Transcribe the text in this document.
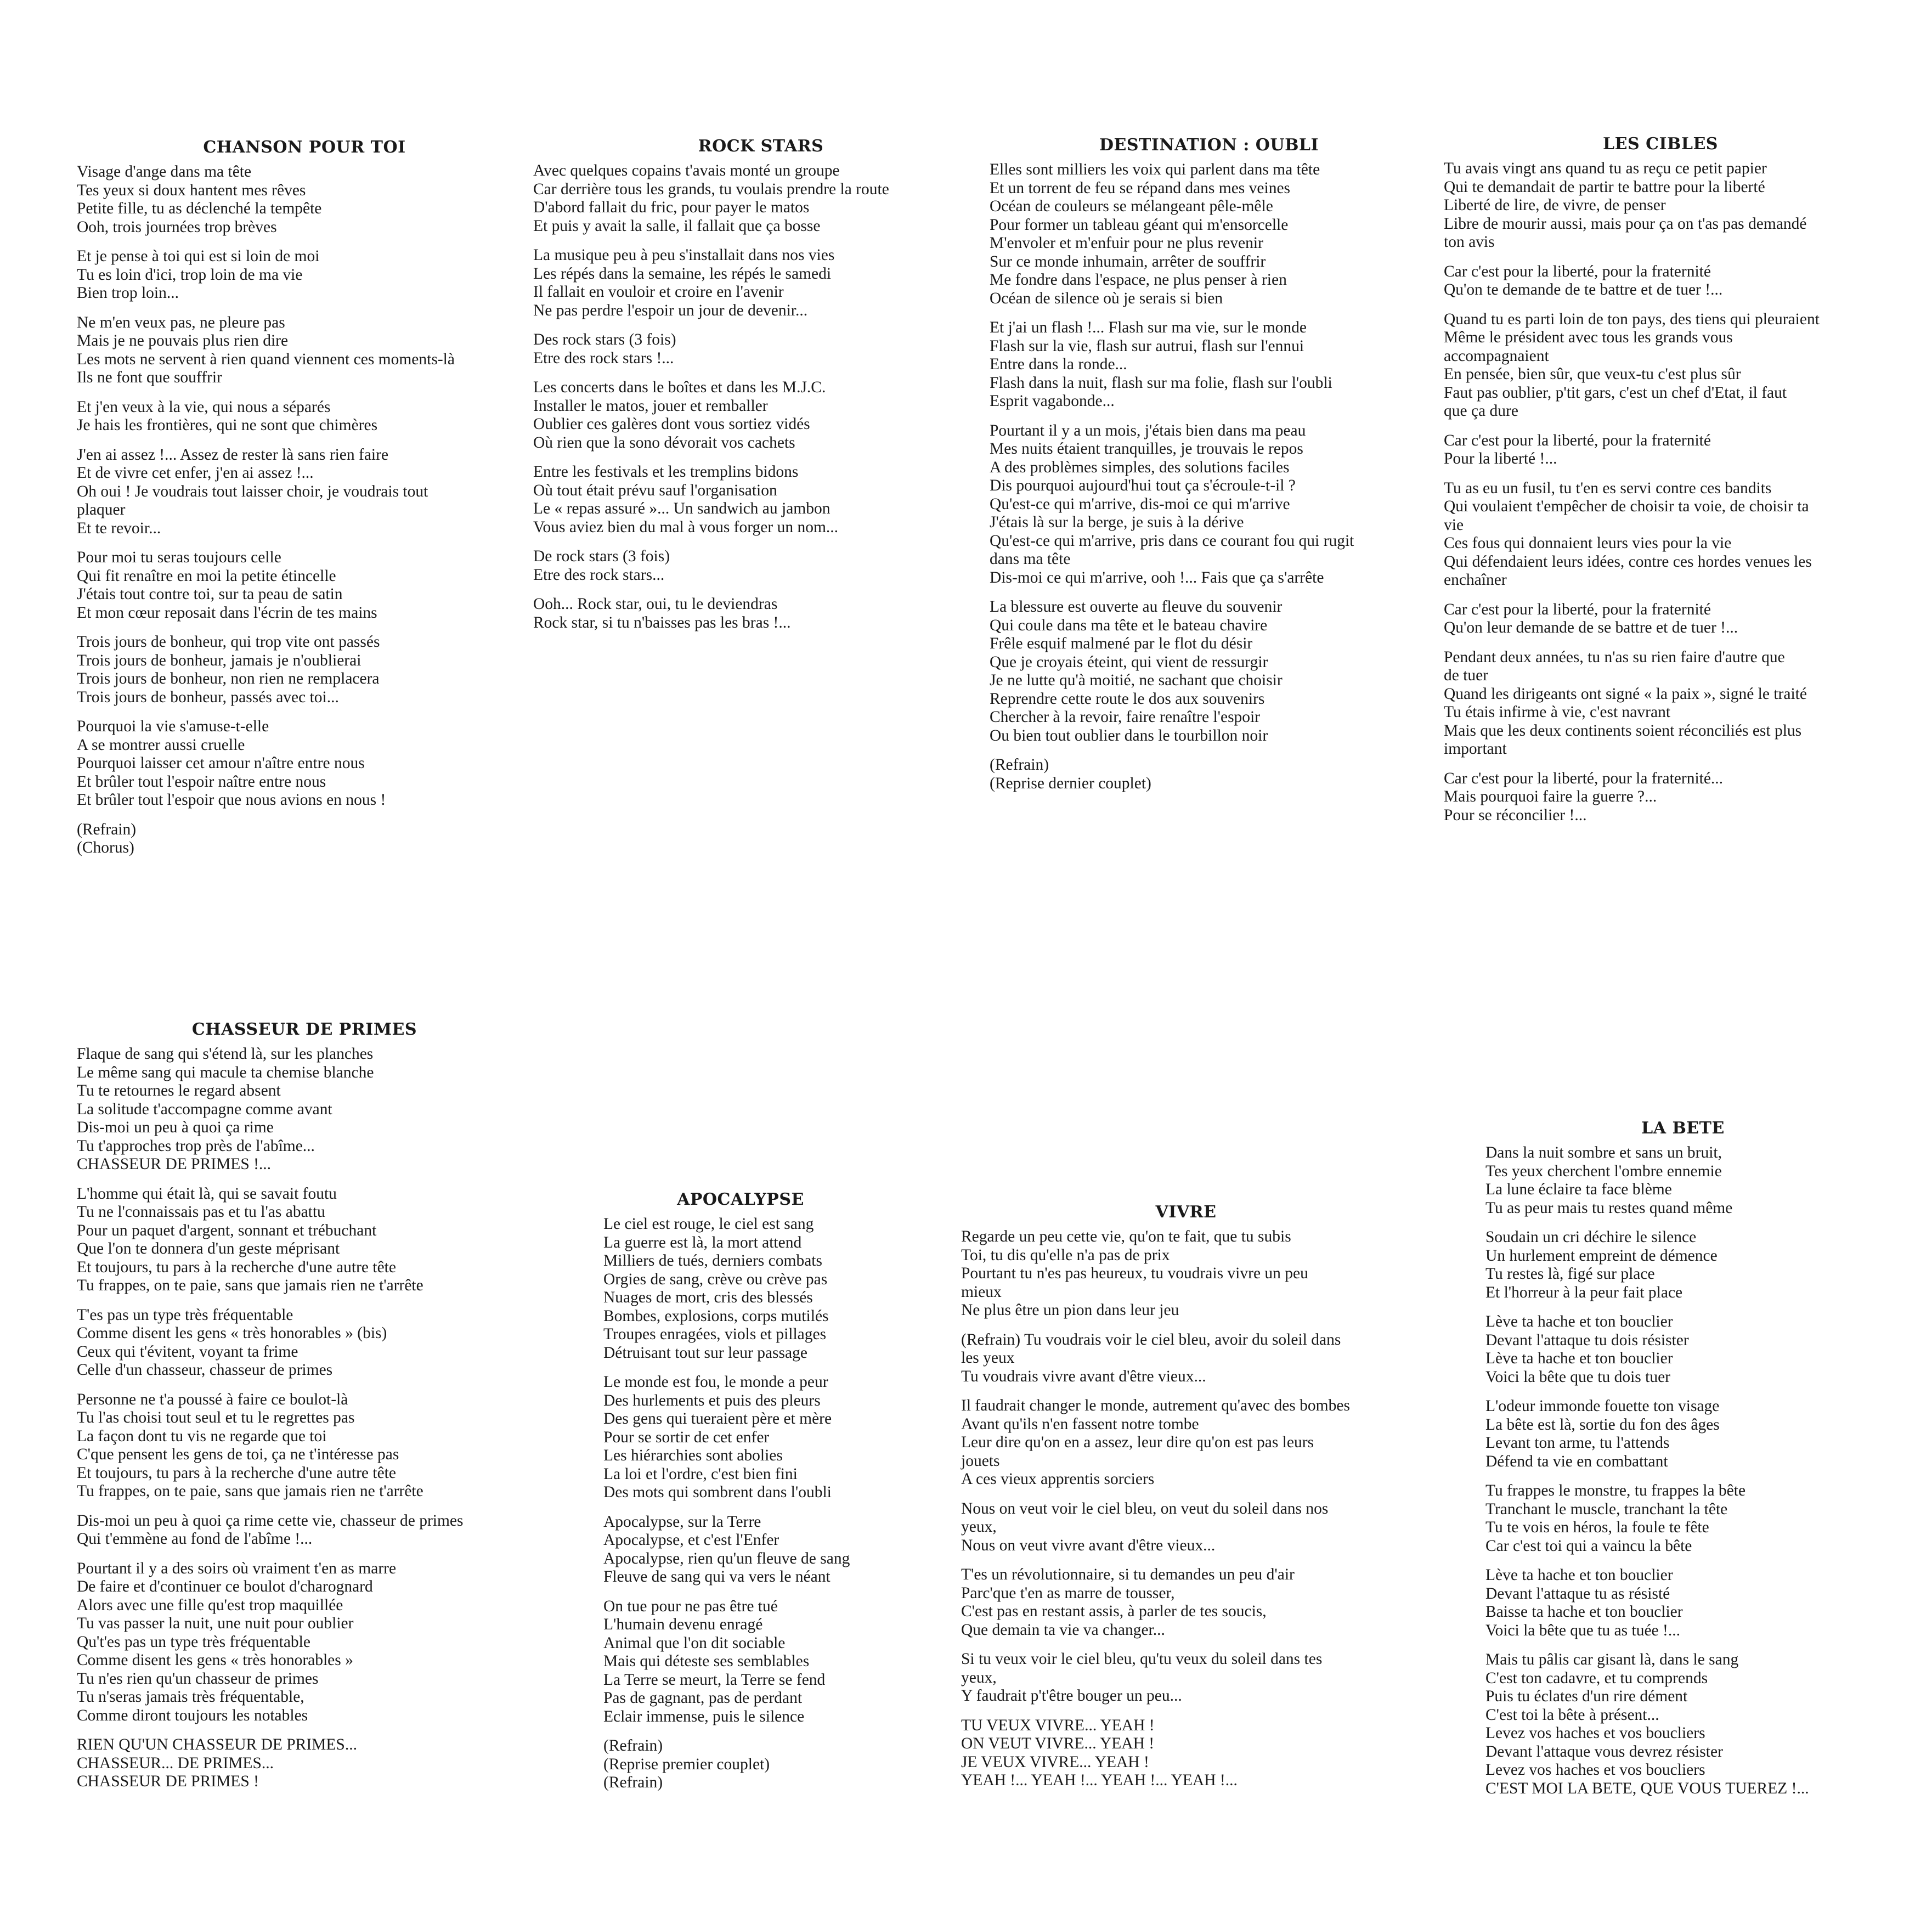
CHANSON POUR TOI
Visage d'ange dans ma tête
Tes yeux si doux hantent mes rêves
Petite fille, tu as déclenché la tempête
Ooh, trois journées trop brèves
Et je pense à toi qui est si loin de moi
Tu es loin d'ici, trop loin de ma vie
Bien trop loin...
Ne m'en veux pas, ne pleure pas
Mais je ne pouvais plus rien dire
Les mots ne servent à rien quand viennent ces moments-là
Ils ne font que souffrir
Et j'en veux à la vie, qui nous a séparés
Je hais les frontières, qui ne sont que chimères
J'en ai assez !... Assez de rester là sans rien faire
Et de vivre cet enfer, j'en ai assez !...
Oh oui ! Je voudrais tout laisser choir, je voudrais tout
plaquer
Et te revoir...
Pour moi tu seras toujours celle
Qui fit renaître en moi la petite étincelle
J'étais tout contre toi, sur ta peau de satin
Et mon cœur reposait dans l'écrin de tes mains
Trois jours de bonheur, qui trop vite ont passés
Trois jours de bonheur, jamais je n'oublierai
Trois jours de bonheur, non rien ne remplacera
Trois jours de bonheur, passés avec toi...
Pourquoi la vie s'amuse-t-elle
A se montrer aussi cruelle
Pourquoi laisser cet amour n'aître entre nous
Et brûler tout l'espoir naître entre nous
Et brûler tout l'espoir que nous avions en nous !
(Refrain)
(Chorus)
ROCK STARS
Avec quelques copains t'avais monté un groupe
Car derrière tous les grands, tu voulais prendre la route
D'abord fallait du fric, pour payer le matos
Et puis y avait la salle, il fallait que ça bosse
La musique peu à peu s'installait dans nos vies
Les répés dans la semaine, les répés le samedi
Il fallait en vouloir et croire en l'avenir
Ne pas perdre l'espoir un jour de devenir...
Des rock stars (3 fois)
Etre des rock stars !...
Les concerts dans le boîtes et dans les M.J.C.
Installer le matos, jouer et remballer
Oublier ces galères dont vous sortiez vidés
Où rien que la sono dévorait vos cachets
Entre les festivals et les tremplins bidons
Où tout était prévu sauf l'organisation
Le « repas assuré »... Un sandwich au jambon
Vous aviez bien du mal à vous forger un nom...
De rock stars (3 fois)
Etre des rock stars...
Ooh... Rock star, oui, tu le deviendras
Rock star, si tu n'baisses pas les bras !...
DESTINATION : OUBLI
Elles sont milliers les voix qui parlent dans ma tête
Et un torrent de feu se répand dans mes veines
Océan de couleurs se mélangeant pêle-mêle
Pour former un tableau géant qui m'ensorcelle
M'envoler et m'enfuir pour ne plus revenir
Sur ce monde inhumain, arrêter de souffrir
Me fondre dans l'espace, ne plus penser à rien
Océan de silence où je serais si bien
Et j'ai un flash !... Flash sur ma vie, sur le monde
Flash sur la vie, flash sur autrui, flash sur l'ennui
Entre dans la ronde...
Flash dans la nuit, flash sur ma folie, flash sur l'oubli
Esprit vagabonde...
Pourtant il y a un mois, j'étais bien dans ma peau
Mes nuits étaient tranquilles, je trouvais le repos
A des problèmes simples, des solutions faciles
Dis pourquoi aujourd'hui tout ça s'écroule-t-il ?
Qu'est-ce qui m'arrive, dis-moi ce qui m'arrive
J'étais là sur la berge, je suis à la dérive
Qu'est-ce qui m'arrive, pris dans ce courant fou qui rugit
dans ma tête
Dis-moi ce qui m'arrive, ooh !... Fais que ça s'arrête
La blessure est ouverte au fleuve du souvenir
Qui coule dans ma tête et le bateau chavire
Frêle esquif malmené par le flot du désir
Que je croyais éteint, qui vient de ressurgir
Je ne lutte qu'à moitié, ne sachant que choisir
Reprendre cette route le dos aux souvenirs
Chercher à la revoir, faire renaître l'espoir
Ou bien tout oublier dans le tourbillon noir
(Refrain)
(Reprise dernier couplet)
LES CIBLES
Tu avais vingt ans quand tu as reçu ce petit papier
Qui te demandait de partir te battre pour la liberté
Liberté de lire, de vivre, de penser
Libre de mourir aussi, mais pour ça on t'as pas demandé
ton avis
Car c'est pour la liberté, pour la fraternité
Qu'on te demande de te battre et de tuer !...
Quand tu es parti loin de ton pays, des tiens qui pleuraient
Même le président avec tous les grands vous
accompagnaient
En pensée, bien sûr, que veux-tu c'est plus sûr
Faut pas oublier, p'tit gars, c'est un chef d'Etat, il faut
que ça dure
Car c'est pour la liberté, pour la fraternité
Pour la liberté !...
Tu as eu un fusil, tu t'en es servi contre ces bandits
Qui voulaient t'empêcher de choisir ta voie, de choisir ta
vie
Ces fous qui donnaient leurs vies pour la vie
Qui défendaient leurs idées, contre ces hordes venues les
enchaîner
Car c'est pour la liberté, pour la fraternité
Qu'on leur demande de se battre et de tuer !...
Pendant deux années, tu n'as su rien faire d'autre que
de tuer
Quand les dirigeants ont signé « la paix », signé le traité
Tu étais infirme à vie, c'est navrant
Mais que les deux continents soient réconciliés est plus
important
Car c'est pour la liberté, pour la fraternité...
Mais pourquoi faire la guerre ?...
Pour se réconcilier !...
CHASSEUR DE PRIMES
Flaque de sang qui s'étend là, sur les planches
Le même sang qui macule ta chemise blanche
Tu te retournes le regard absent
La solitude t'accompagne comme avant
Dis-moi un peu à quoi ça rime
Tu t'approches trop près de l'abîme...
CHASSEUR DE PRIMES !...
L'homme qui était là, qui se savait foutu
Tu ne l'connaissais pas et tu l'as abattu
Pour un paquet d'argent, sonnant et trébuchant
Que l'on te donnera d'un geste méprisant
Et toujours, tu pars à la recherche d'une autre tête
Tu frappes, on te paie, sans que jamais rien ne t'arrête
T'es pas un type très fréquentable
Comme disent les gens « très honorables » (bis)
Ceux qui t'évitent, voyant ta frime
Celle d'un chasseur, chasseur de primes
Personne ne t'a poussé à faire ce boulot-là
Tu l'as choisi tout seul et tu le regrettes pas
La façon dont tu vis ne regarde que toi
C'que pensent les gens de toi, ça ne t'intéresse pas
Et toujours, tu pars à la recherche d'une autre tête
Tu frappes, on te paie, sans que jamais rien ne t'arrête
Dis-moi un peu à quoi ça rime cette vie, chasseur de primes
Qui t'emmène au fond de l'abîme !...
Pourtant il y a des soirs où vraiment t'en as marre
De faire et d'continuer ce boulot d'charognard
Alors avec une fille qu'est trop maquillée
Tu vas passer la nuit, une nuit pour oublier
Qu't'es pas un type très fréquentable
Comme disent les gens « très honorables »
Tu n'es rien qu'un chasseur de primes
Tu n'seras jamais très fréquentable,
Comme diront toujours les notables
RIEN QU'UN CHASSEUR DE PRIMES...
CHASSEUR... DE PRIMES...
CHASSEUR DE PRIMES !
APOCALYPSE
Le ciel est rouge, le ciel est sang
La guerre est là, la mort attend
Milliers de tués, derniers combats
Orgies de sang, crève ou crève pas
Nuages de mort, cris des blessés
Bombes, explosions, corps mutilés
Troupes enragées, viols et pillages
Détruisant tout sur leur passage
Le monde est fou, le monde a peur
Des hurlements et puis des pleurs
Des gens qui tueraient père et mère
Pour se sortir de cet enfer
Les hiérarchies sont abolies
La loi et l'ordre, c'est bien fini
Des mots qui sombrent dans l'oubli
Apocalypse, sur la Terre
Apocalypse, et c'est l'Enfer
Apocalypse, rien qu'un fleuve de sang
Fleuve de sang qui va vers le néant
On tue pour ne pas être tué
L'humain devenu enragé
Animal que l'on dit sociable
Mais qui déteste ses semblables
La Terre se meurt, la Terre se fend
Pas de gagnant, pas de perdant
Eclair immense, puis le silence
(Refrain)
(Reprise premier couplet)
(Refrain)
VIVRE
Regarde un peu cette vie, qu'on te fait, que tu subis
Toi, tu dis qu'elle n'a pas de prix
Pourtant tu n'es pas heureux, tu voudrais vivre un peu
mieux
Ne plus être un pion dans leur jeu
(Refrain) Tu voudrais voir le ciel bleu, avoir du soleil dans
les yeux
Tu voudrais vivre avant d'être vieux...
Il faudrait changer le monde, autrement qu'avec des bombes
Avant qu'ils n'en fassent notre tombe
Leur dire qu'on en a assez, leur dire qu'on est pas leurs
jouets
A ces vieux apprentis sorciers
Nous on veut voir le ciel bleu, on veut du soleil dans nos
yeux,
Nous on veut vivre avant d'être vieux...
T'es un révolutionnaire, si tu demandes un peu d'air
Parc'que t'en as marre de tousser,
C'est pas en restant assis, à parler de tes soucis,
Que demain ta vie va changer...
Si tu veux voir le ciel bleu, qu'tu veux du soleil dans tes
yeux,
Y faudrait p't'être bouger un peu...
TU VEUX VIVRE... YEAH !
ON VEUT VIVRE... YEAH !
JE VEUX VIVRE... YEAH !
YEAH !... YEAH !... YEAH !... YEAH !...
LA BETE
Dans la nuit sombre et sans un bruit,
Tes yeux cherchent l'ombre ennemie
La lune éclaire ta face blème
Tu as peur mais tu restes quand même
Soudain un cri déchire le silence
Un hurlement empreint de démence
Tu restes là, figé sur place
Et l'horreur à la peur fait place
Lève ta hache et ton bouclier
Devant l'attaque tu dois résister
Lève ta hache et ton bouclier
Voici la bête que tu dois tuer
L'odeur immonde fouette ton visage
La bête est là, sortie du fon des âges
Levant ton arme, tu l'attends
Défend ta vie en combattant
Tu frappes le monstre, tu frappes la bête
Tranchant le muscle, tranchant la tête
Tu te vois en héros, la foule te fête
Car c'est toi qui a vaincu la bête
Lève ta hache et ton bouclier
Devant l'attaque tu as résisté
Baisse ta hache et ton bouclier
Voici la bête que tu as tuée !...
Mais tu pâlis car gisant là, dans le sang
C'est ton cadavre, et tu comprends
Puis tu éclates d'un rire dément
C'est toi la bête à présent...
Levez vos haches et vos boucliers
Devant l'attaque vous devrez résister
Levez vos haches et vos boucliers
C'EST MOI LA BETE, QUE VOUS TUEREZ !...
